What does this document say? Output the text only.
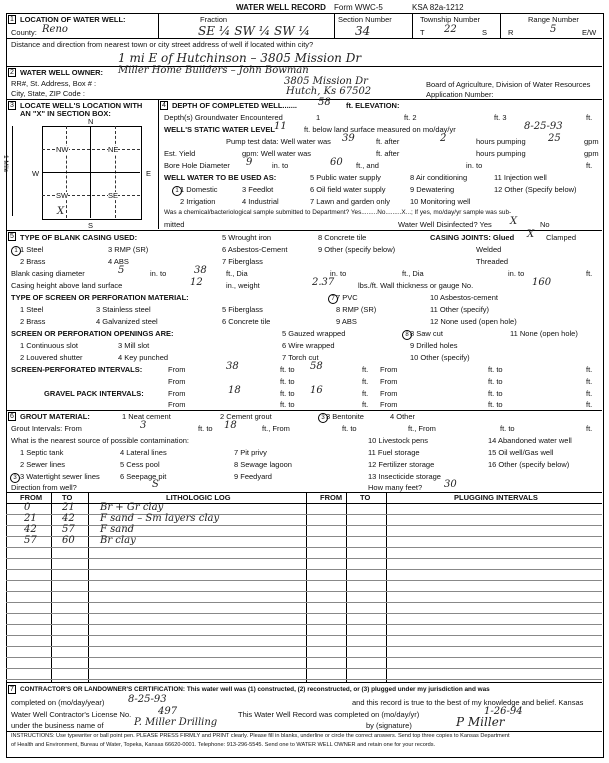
WATER WELL RECORD Form WWC-5	KSA 82a-1212
1 LOCATION OF WATER WELL:
County: Reno
Fraction
SE ¼ SW ¼ SW ¼
Section Number
34
Township Number
T 22	S
Range Number
R	5	E/W
Distance and direction from nearest town or city street address of well if located within city?
1 mi E of Hutchinson – 3805 Mission Dr
2 WATER WELL OWNER: Miller Home Builders – John Bowman
RR#, St. Address, Box # :	3805 Mission Dr	Board of Agriculture, Division of Water Resources
City, State, ZIP Code :	Hutch, Ks 67502	Application Number:
3 LOCATE WELL'S LOCATION WITH
AN "X" IN SECTION BOX:
N
S
W	E
1 Mile
NW	NE
SW	SE
X
4 DEPTH OF COMPLETED WELL....... 58 ft. ELEVATION:
Depth(s) Groundwater Encountered	1	ft. 2	ft. 3	ft.
WELL'S STATIC WATER LEVEL 11 ft. below land surface measured on mo/day/yr	8-25-93
Pump test data: Well water was 39	ft. after	2	hours pumping 25	gpm
Est. Yield	gpm: Well water was	ft. after	hours pumping	gpm
Bore Hole Diameter 9	in. to	60 ft., and	in. to	ft.
WELL WATER TO BE USED AS:
1 1 Domestic	3 Feedlot
5 Public water supply	8 Air conditioning	11 Injection well
2 Irrigation	4 Industrial
6 Oil field water supply	9 Dewatering	12 Other (Specify below)
7 Lawn and garden only	10 Monitoring well
Was a chemical/bacteriological sample submitted to Department? Yes.........No.........X...; If yes, mo/day/yr sample was sub-
mitted	Water Well Disinfected? Yes X	No
5 TYPE OF BLANK CASING USED:
1 Steel
2 Brass
3 RMP (SR)
4 ABS
5 Wrought iron
6 Asbestos-Cement
7 Fiberglass
8 Concrete tile
9 Other (specify below)
CASING JOINTS: Glued X Clamped
Welded
Threaded
1
Blank casing diameter	5	in. to	38	ft., Dia	in. to	ft., Dia	in. to	ft.
Casing height above land surface	12	in., weight	2.37	lbs./ft. Wall thickness or gauge No.	160
TYPE OF SCREEN OR PERFORATION MATERIAL:
1 Steel
2 Brass
3 Stainless steel
4 Galvanized steel
5 Fiberglass
6 Concrete tile
7 7 PVC
8 RMP (SR)
9 ABS
10 Asbestos-cement
11 Other (specify)
12 None used (open hole)
SCREEN OR PERFORATION OPENINGS ARE:
1 Continuous slot
2 Louvered shutter
3 Mill slot
4 Key punched
5 Gauzed wrapped
6 Wire wrapped
7 Torch cut
8 8 Saw cut
9 Drilled holes
10 Other (specify)
11 None (open hole)
SCREEN-PERFORATED INTERVALS:	From	38	ft. to 58	ft. From	ft. to	ft.
From	ft. to	ft. From	ft. to	ft.
GRAVEL PACK INTERVALS:	From	18	ft. to 16	ft. From	ft. to	ft.
From	ft. to	ft. From	ft. to	ft.
6 GROUT MATERIAL:	1 Neat cement	2 Cement grout	3 3 Bentonite	4 Other
Grout Intervals: From	3	ft. to 18	ft., From	ft. to	ft., From	ft. to	ft.
What is the nearest source of possible contamination:
1 Septic tank	4 Lateral lines	7 Pit privy
10 Livestock pens	14 Abandoned water well
2 Sewer lines	5 Cess pool	8 Sewage lagoon
11 Fuel storage	15 Oil well/Gas well
3 3 Watertight sewer lines	6 Seepage pit	9 Feedyard
12 Fertilizer storage	16 Other (specify below)
13 Insecticide storage
Direction from well?	S	How many feet? 30
FROM	TO	LITHOLOGIC LOG	FROM TO	PLUGGING INTERVALS
0	21	Br + Gr clay
21	42	F sand – Sm layers clay
42	57	F sand
57	60	Br clay
7 CONTRACTOR'S OR LANDOWNER'S CERTIFICATION: This water well was (1) constructed, (2) reconstructed, or (3) plugged under my jurisdiction and was
completed on (mo/day/year) 8-25-93	and this record is true to the best of my knowledge and belief. Kansas
Water Well Contractor's License No.	497	This Water Well Record was completed on (mo/day/yr)	1-26-94
under the business name of	P. Miller Drilling	by (signature)	P Miller
INSTRUCTIONS: Use typewriter or ball point pen. PLEASE PRESS FIRMLY and PRINT clearly. Please fill in blanks, underline or circle the correct answers. Send top three copies to Kansas Department
of Health and Environment, Bureau of Water, Topeka, Kansas 66620-0001. Telephone: 913-296-5545. Send one to WATER WELL OWNER and retain one for your records.
